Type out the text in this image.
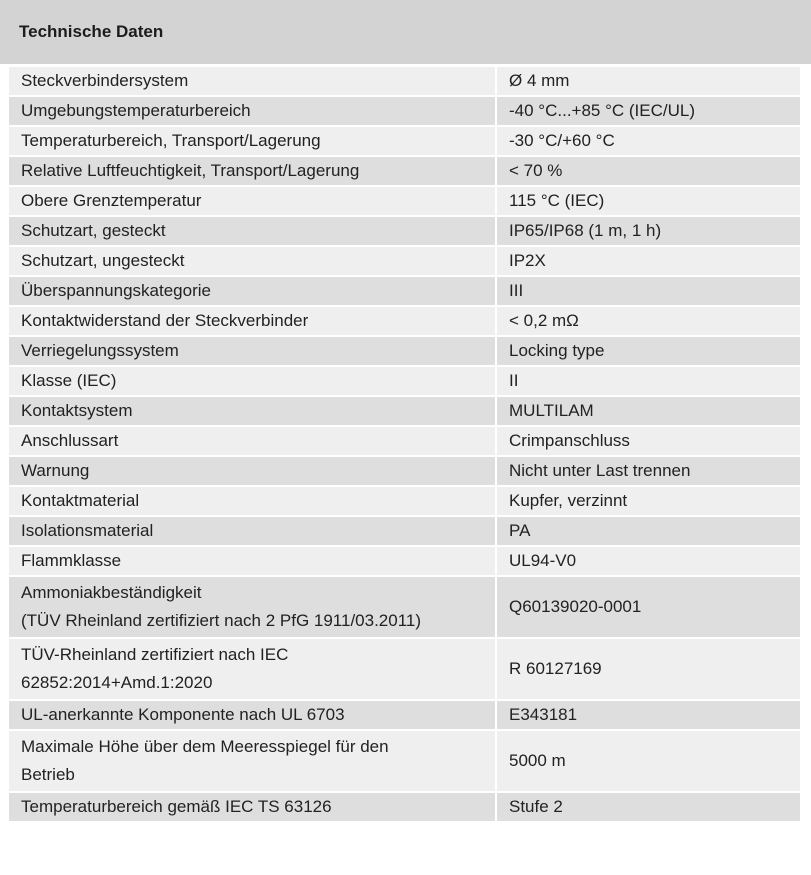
Technische Daten
Steckverbindersystem	Ø 4 mm

Umgebungstemperaturbereich	-40 °C...+85 °C (IEC/UL)

Temperaturbereich, Transport/Lagerung	-30 °C/+60 °C

Relative Luftfeuchtigkeit, Transport/Lagerung	< 70 %

Obere Grenztemperatur	115 °C (IEC)

Schutzart, gesteckt	IP65/IP68 (1 m, 1 h)

Schutzart, ungesteckt	IP2X

Überspannungskategorie	III

Kontaktwiderstand der Steckverbinder	< 0,2 mΩ

Verriegelungssystem	Locking type

Klasse (IEC)	II

Kontaktsystem	MULTILAM

Anschlussart	Crimpanschluss

Warnung	Nicht unter Last trennen

Kontaktmaterial	Kupfer, verzinnt

Isolationsmaterial	PA

Flammklasse	UL94-V0

Ammoniakbeständigkeit
(TÜV Rheinland zertifiziert nach 2 PfG 1911/03.2011)	Q60139020-0001

TÜV-Rheinland zertifiziert nach IEC
62852:2014+Amd.1:2020	R 60127169

UL-anerkannte Komponente nach UL 6703	E343181

Maximale Höhe über dem Meeresspiegel für den
Betrieb	5000 m

Temperaturbereich gemäß IEC TS 63126	Stufe 2
